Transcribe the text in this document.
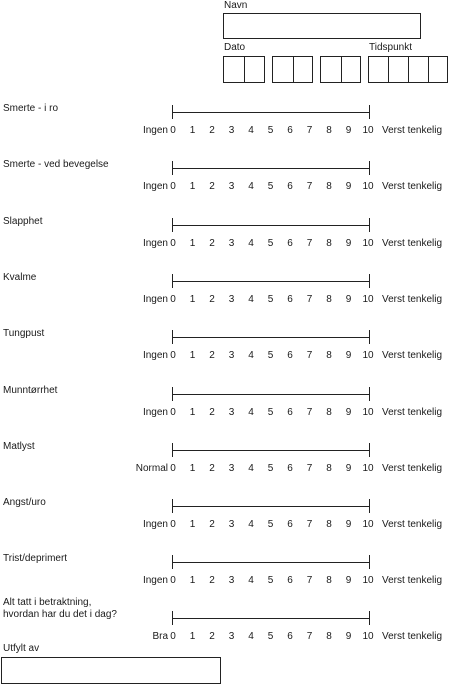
Navn
Dato	Tidspunkt
Smerte - i ro
Ingen 0	1	2	3	4	5	6	7	8	9	10 Verst tenkelig
Smerte - ved bevegelse
Ingen 0	1	2	3	4	5	6	7	8	9	10 Verst tenkelig
Slapphet
Ingen 0	1	2	3	4	5	6	7	8	9	10 Verst tenkelig
Kvalme
Ingen 0	1	2	3	4	5	6	7	8	9	10 Verst tenkelig
Tungpust
Ingen 0	1	2	3	4	5	6	7	8	9	10 Verst tenkelig
Munntørrhet
Ingen 0	1	2	3	4	5	6	7	8	9	10 Verst tenkelig
Matlyst
Normal 0	1	2	3	4	5	6	7	8	9	10 Verst tenkelig
Angst/uro
Ingen 0	1	2	3	4	5	6	7	8	9	10 Verst tenkelig
Trist/deprimert
Ingen 0	1	2	3	4	5	6	7	8	9	10 Verst tenkelig
Alt tatt i betraktning,
hvordan har du det i dag?
Bra 0	1	2	3	4	5	6	7	8	9	10 Verst tenkelig
Utfylt av
